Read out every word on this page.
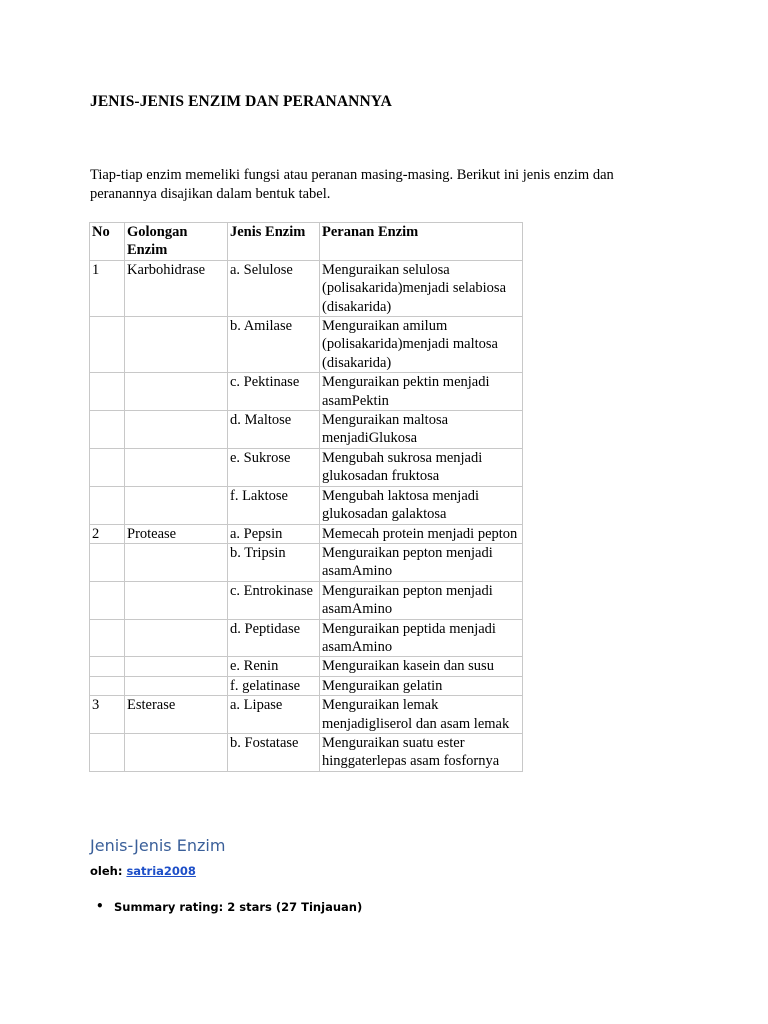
JENIS-JENIS ENZIM DAN PERANANNYA

Tiap-tiap enzim memeliki fungsi atau peranan masing-masing. Berikut ini jenis enzim dan peranannya disajikan dalam bentuk tabel.

No	Golongan Enzim	Jenis Enzim	Peranan Enzim
1	Karbohidrase	a. Selulose	Menguraikan selulosa (polisakarida)menjadi selabiosa (disakarida)
		b. Amilase	Menguraikan amilum (polisakarida)menjadi maltosa (disakarida)
		c. Pektinase	Menguraikan pektin menjadi asamPektin
		d. Maltose	Menguraikan maltosa menjadiGlukosa
		e. Sukrose	Mengubah sukrosa menjadi glukosadan fruktosa
		f. Laktose	Mengubah laktosa menjadi glukosadan galaktosa
2	Protease	a. Pepsin	Memecah protein menjadi pepton
		b. Tripsin	Menguraikan pepton menjadi asamAmino
		c. Entrokinase	Menguraikan pepton menjadi asamAmino
		d. Peptidase	Menguraikan peptida menjadi asamAmino
		e. Renin	Menguraikan kasein dan susu
		f. gelatinase	Menguraikan gelatin
3	Esterase	a. Lipase	Menguraikan lemak menjadigliserol dan asam lemak
		b. Fostatase	Menguraikan suatu ester hinggaterlepas asam fosfornya
Jenis-Jenis Enzim
oleh: satria2008
• Summary rating: 2 stars (27 Tinjauan)
